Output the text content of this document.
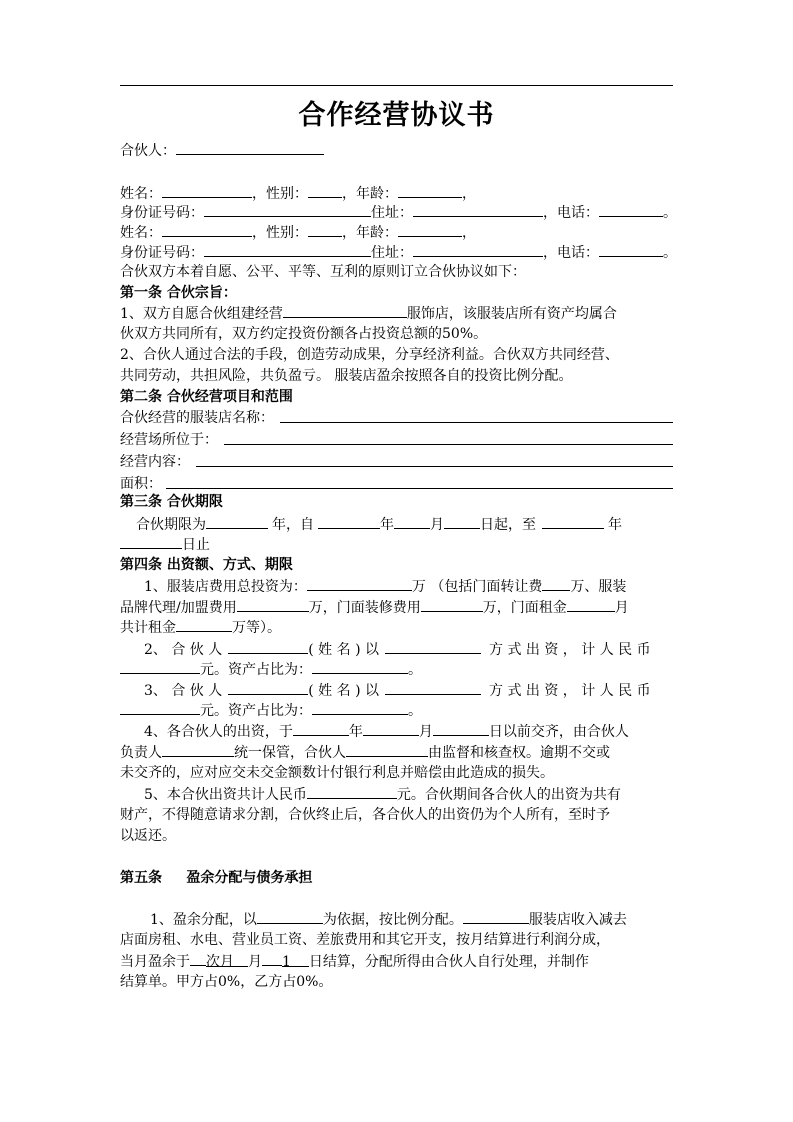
合作经营协议书
合伙人：
姓名：	，性别： ，年龄：	，
身份证号码：	住址：	，电话：	。
姓名：	，性别： ，年龄：	，
身份证号码：	住址：	，电话：	。
合伙双方本着自愿、公平、平等、互利的原则订立合伙协议如下：
第一条 合伙宗旨：
1、双方自愿合伙组建经营	服饰店，该服装店所有资产均属合
伙双方共同所有，双方约定投资份额各占投资总额的50%。
2、合伙人通过合法的手段，创造劳动成果，分享经济利益。合伙双方共同经营、
共同劳动，共担风险，共负盈亏。 服装店盈余按照各自的投资比例分配。
第二条 合伙经营项目和范围
合伙经营的服装店名称：
经营场所位于：
经营内容：
面积：
第三条 合伙期限
合伙期限为	年，自	年	月	日起，至	年
日止
第四条 出资额、方式、期限
1、服装店费用总投资为：	万 （包括门面转让费 万、服装
品牌代理/加盟费用	万，门面装修费用	万，门面租金	月
共计租金	万等）。
2、 合 伙 人	( 姓 名 ) 以	方 式 出 资 ， 计 人 民 币
元。资产占比为：	。
3、 合 伙 人	( 姓 名 ) 以	方 式 出 资 ， 计 人 民 币
元。资产占比为：	。
4、各合伙人的出资，于	年	月	日以前交齐，由合伙人
负责人	统一保管，合伙人	由监督和核查权。逾期不交或
未交齐的，应对应交未交金额数计付银行利息并赔偿由此造成的损失。
5、本合伙出资共计人民币	元。合伙期间各合伙人的出资为共有
财产，不得随意请求分割，合伙终止后，各合伙人的出资仍为个人所有，至时予
以返还。
第五条     盈余分配与债务承担
1、盈余分配，以	为依据，按比例分配。	服装店收入减去
店面房租、水电、营业员工资、差旅费用和其它开支，按月结算进行利润分成，
当月盈余于 次月 月 1 日结算，分配所得由合伙人自行处理，并制作
结算单。甲方占0%，乙方占0%。
